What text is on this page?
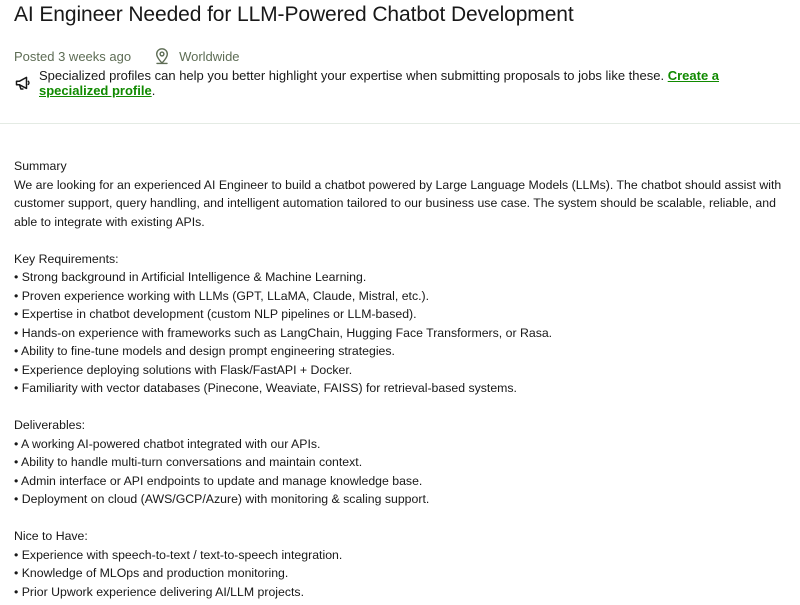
AI Engineer Needed for LLM-Powered Chatbot Development
Posted 3 weeks ago	Worldwide
Specialized profiles can help you better highlight your expertise when submitting proposals to jobs like these. Create a specialized profile.
Summary
We are looking for an experienced AI Engineer to build a chatbot powered by Large Language Models (LLMs). The chatbot should assist with customer support, query handling, and intelligent automation tailored to our business use case. The system should be scalable, reliable, and able to integrate with existing APIs.
Key Requirements:
• Strong background in Artificial Intelligence & Machine Learning.
• Proven experience working with LLMs (GPT, LLaMA, Claude, Mistral, etc.).
• Expertise in chatbot development (custom NLP pipelines or LLM-based).
• Hands-on experience with frameworks such as LangChain, Hugging Face Transformers, or Rasa.
• Ability to fine-tune models and design prompt engineering strategies.
• Experience deploying solutions with Flask/FastAPI + Docker.
• Familiarity with vector databases (Pinecone, Weaviate, FAISS) for retrieval-based systems.
Deliverables:
• A working AI-powered chatbot integrated with our APIs.
• Ability to handle multi-turn conversations and maintain context.
• Admin interface or API endpoints to update and manage knowledge base.
• Deployment on cloud (AWS/GCP/Azure) with monitoring & scaling support.
Nice to Have:
• Experience with speech-to-text / text-to-speech integration.
• Knowledge of MLOps and production monitoring.
• Prior Upwork experience delivering AI/LLM projects.
